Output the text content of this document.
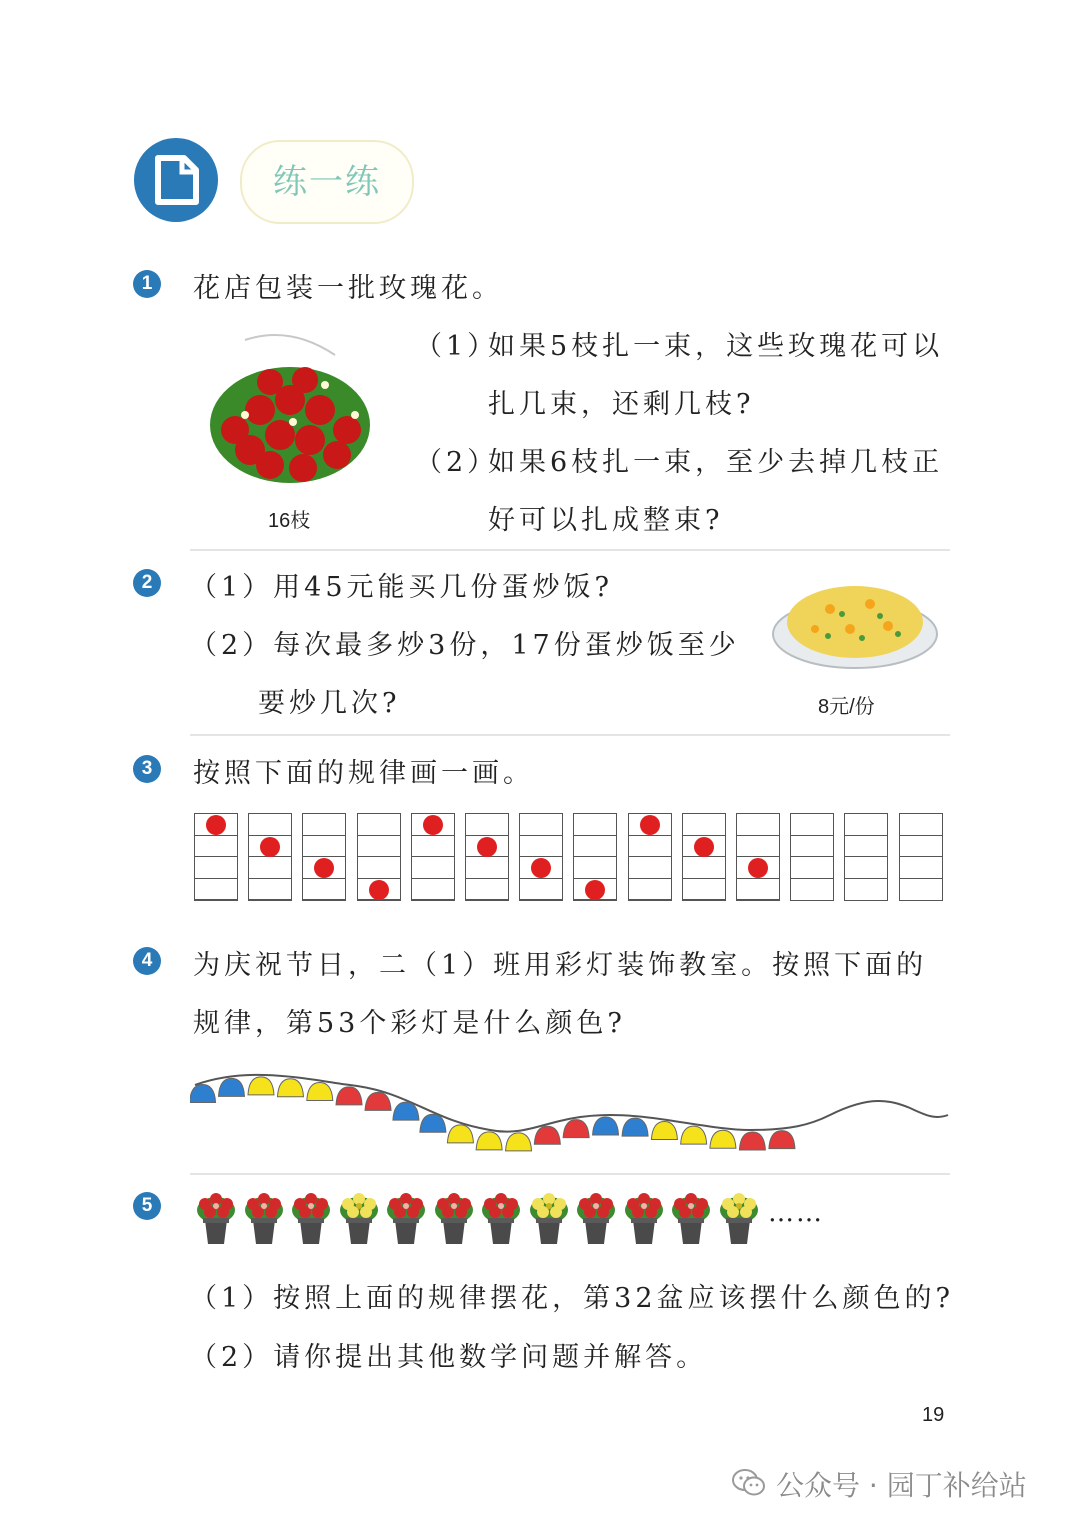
练一练
1	花店包装一批玫瑰花。
16枝
（1）
如果5枝扎一束，这些玫瑰花可以
扎几束，还剩几枝?
（2）
如果6枝扎一束，至少去掉几枝正
好可以扎成整束?
2	（1）用45元能买几份蛋炒饭?
（2）每次最多炒3份，17份蛋炒饭至少
要炒几次?	8元/份
3	按照下面的规律画一画。
4	为庆祝节日，二（1）班用彩灯装饰教室。按照下面的
规律，第53个彩灯是什么颜色?
5	……
（1）按照上面的规律摆花，第32盆应该摆什么颜色的?
（2）请你提出其他数学问题并解答。
19
公众号 · 园丁补给站
